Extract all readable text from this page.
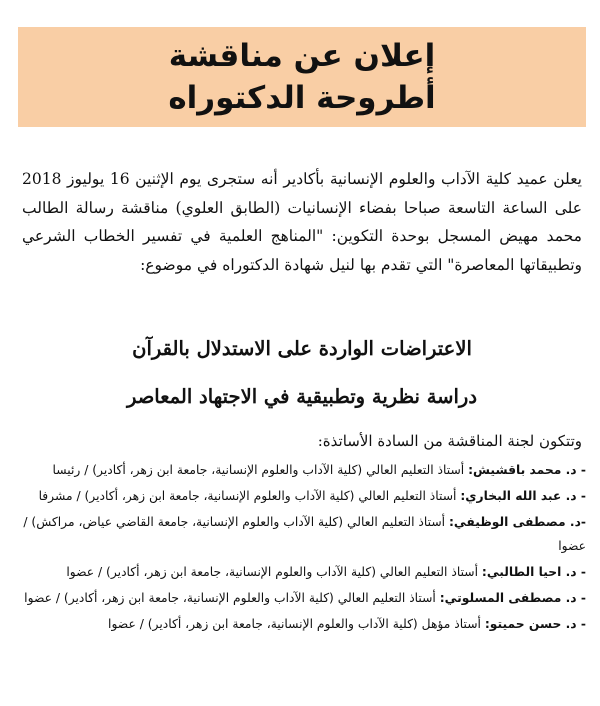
إعلان عن مناقشة
أطروحة الدكتوراه
يعلن عميد كلية الآداب والعلوم الإنسانية بأكادير أنه ستجرى يوم الإثنين 16 يوليوز 2018 على الساعة التاسعة صباحا بفضاء الإنسانيات (الطابق العلوي) مناقشة رسالة الطالب محمد مهيض المسجل بوحدة التكوين: "المناهج العلمية في تفسير الخطاب الشرعي وتطبيقاتها المعاصرة" التي تقدم بها لنيل شهادة الدكتوراه في موضوع:
الاعتراضات الواردة على الاستدلال بالقرآن
دراسة نظرية وتطبيقية في الاجتهاد المعاصر
وتتكون لجنة المناقشة من السادة الأساتذة:
- د. محمد باقشيش: أستاذ التعليم العالي (كلية الآداب والعلوم الإنسانية، جامعة ابن زهر، أكادير) / رئيسا
- د. عبد الله البخاري: أستاذ التعليم العالي (كلية الآداب والعلوم الإنسانية، جامعة ابن زهر، أكادير) / مشرفا
-د. مصطفى الوظيفي: أستاذ التعليم العالي (كلية الآداب والعلوم الإنسانية، جامعة القاضي عياض، مراكش) / عضوا
- د. احيا الطالبي: أستاذ التعليم العالي (كلية الآداب والعلوم الإنسانية، جامعة ابن زهر، أكادير) / عضوا
- د. مصطفى المسلوتي: أستاذ التعليم العالي (كلية الآداب والعلوم الإنسانية، جامعة ابن زهر، أكادير) / عضوا
- د. حسن حميتو: أستاذ مؤهل (كلية الآداب والعلوم الإنسانية، جامعة ابن زهر، أكادير) / عضوا
